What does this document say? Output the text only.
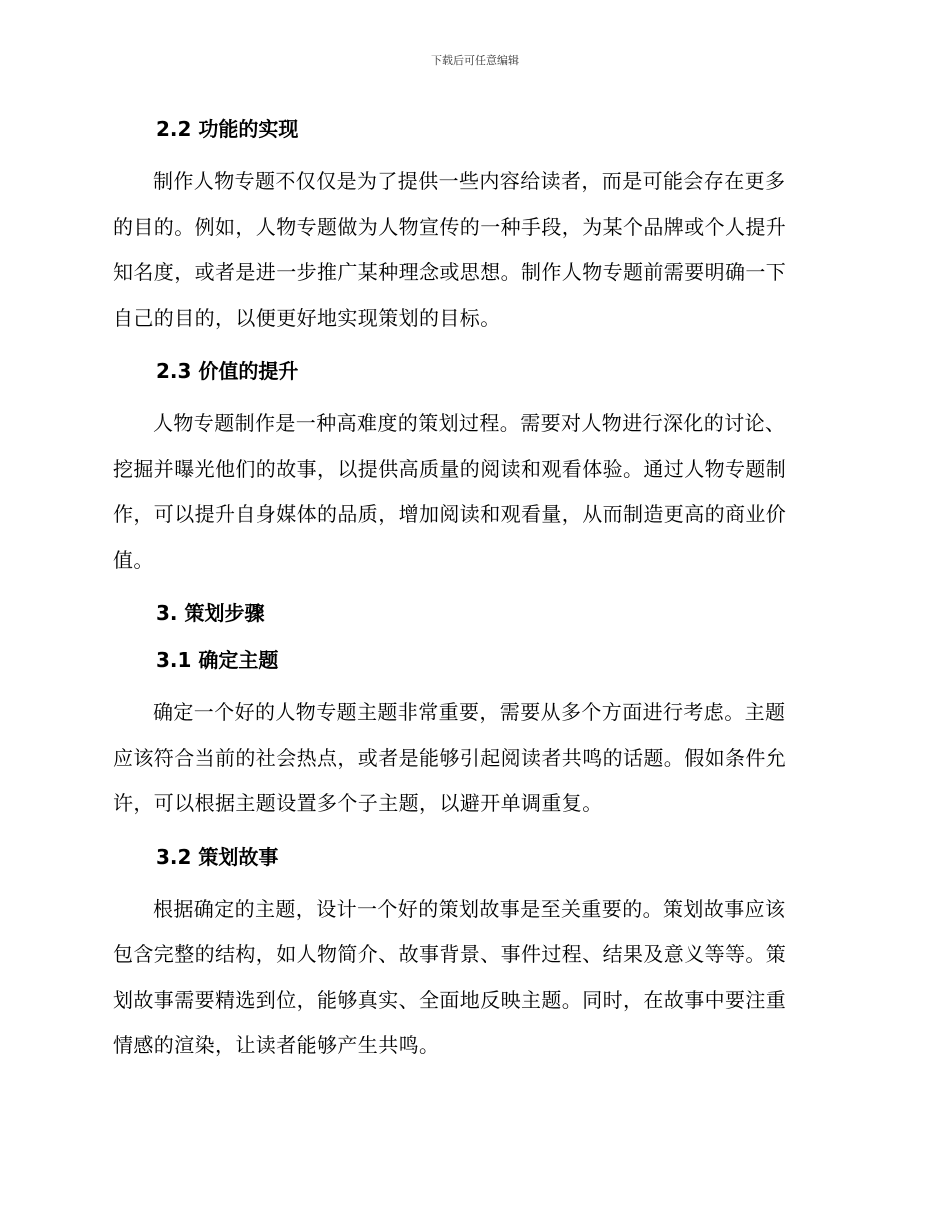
下载后可任意编辑
2.2 功能的实现
制作人物专题不仅仅是为了提供一些内容给读者，而是可能会存在更多
的目的。例如，人物专题做为人物宣传的一种手段，为某个品牌或个人提升
知名度，或者是进一步推广某种理念或思想。制作人物专题前需要明确一下
自己的目的，以便更好地实现策划的目标。
2.3 价值的提升
人物专题制作是一种高难度的策划过程。需要对人物进行深化的讨论、
挖掘并曝光他们的故事，以提供高质量的阅读和观看体验。通过人物专题制
作，可以提升自身媒体的品质，增加阅读和观看量，从而制造更高的商业价
值。
3. 策划步骤
3.1 确定主题
确定一个好的人物专题主题非常重要，需要从多个方面进行考虑。主题
应该符合当前的社会热点，或者是能够引起阅读者共鸣的话题。假如条件允
许，可以根据主题设置多个子主题，以避开单调重复。
3.2 策划故事
根据确定的主题，设计一个好的策划故事是至关重要的。策划故事应该
包含完整的结构，如人物简介、故事背景、事件过程、结果及意义等等。策
划故事需要精选到位，能够真实、全面地反映主题。同时，在故事中要注重
情感的渲染，让读者能够产生共鸣。
